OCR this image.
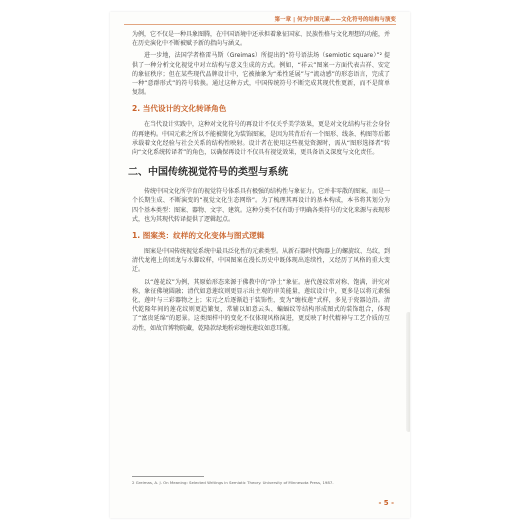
第一章 | 何为中国元素——文化符号的结构与演变

为例，它不仅是一种具象图腾，在中国语境中还承担着象征国家、民族性格与文化理想的功能，并在历史演化中不断被赋予新的指向与涵义。

进一步地，法国学者格雷马斯（Greimas）所提出的“符号语法场（semiotic square）”² 提供了一种分析文化视觉中对立结构与意义生成的方式。例如，“祥云”图案一方面代表吉祥、安定的象征秩序；但在某些现代品牌设计中，它被抽象为“柔性延展”与“流动感”的形态语言，完成了一种“意群形式”的符号转换。通过这种方式，中国传统符号不断完成其现代性更新，而不是简单复制。

2. 当代设计的文化转译角色

在当代设计实践中，这种对文化符号的再设计不仅关乎美学效果，更是对文化结构与社会身份的再建构。中国元素之所以不能被简化为装饰图案，是因为其背后有一个图形、线条、构图等后都承载着文化经验与社会关系的结构性映射。设计者在使用这些视觉资源时，需从“图形选择者”转向“文化系统转译者”的角色，以确保再设计不仅具有视觉效果，更具备语义深度与文化责任。

二、中国传统视觉符号的类型与系统

传统中国文化所孕育的视觉符号体系具有极强的结构性与象征力。它并非零散的图案，而是一个长期生成、不断演变的“视觉文化生态网络”。为了梳理其再设计的基本构成，本书将其划分为四个基本类型：图案、器物、文字、建筑。这种分类不仅有助于明确各类符号的文化来源与表现形式，也为其现代转译提供了逻辑起点。

1. 图案类：纹样的文化变体与图式逻辑

图案是中国传统视觉系统中最具泛化性的元素类型。从新石器时代陶器上的螺旋纹、鸟纹，到清代龙袍上的团龙与水脚纹样，中国图案在漫长历史中既体现出连续性，又经历了风格的重大变迁。

以“莲花纹”为例，其原始形态来源于佛教中的“净土”象征。唐代莲纹常对称、饱满，讲究对称，象征佛境圆融；清代如意莲纹则更显示出主观的审美能量，莲纹设计中，更多是以将元素强化，莲叶与三彩器物之上；宋元之后逐渐趋于装饰性，变为“缠枝莲”式样，多见于瓷器边沿。清代乾隆年间的莲花纹则更趋繁复，常辅以如意云头、蝙蝠纹等结构形成图式的装饰组合，体现了“富贵延绵”的愿景。这类图样中的变化不仅体现风格演进，更反映了时代精神与工艺介质的互动性，如故宫博物院藏，乾隆款绿地粉彩缠枝莲纹如意耳瓶。

2 Greimas, A. J. On Meaning: Selected Writings in Semiotic Theory. University of Minnesota Press, 1987.
- 5 -
